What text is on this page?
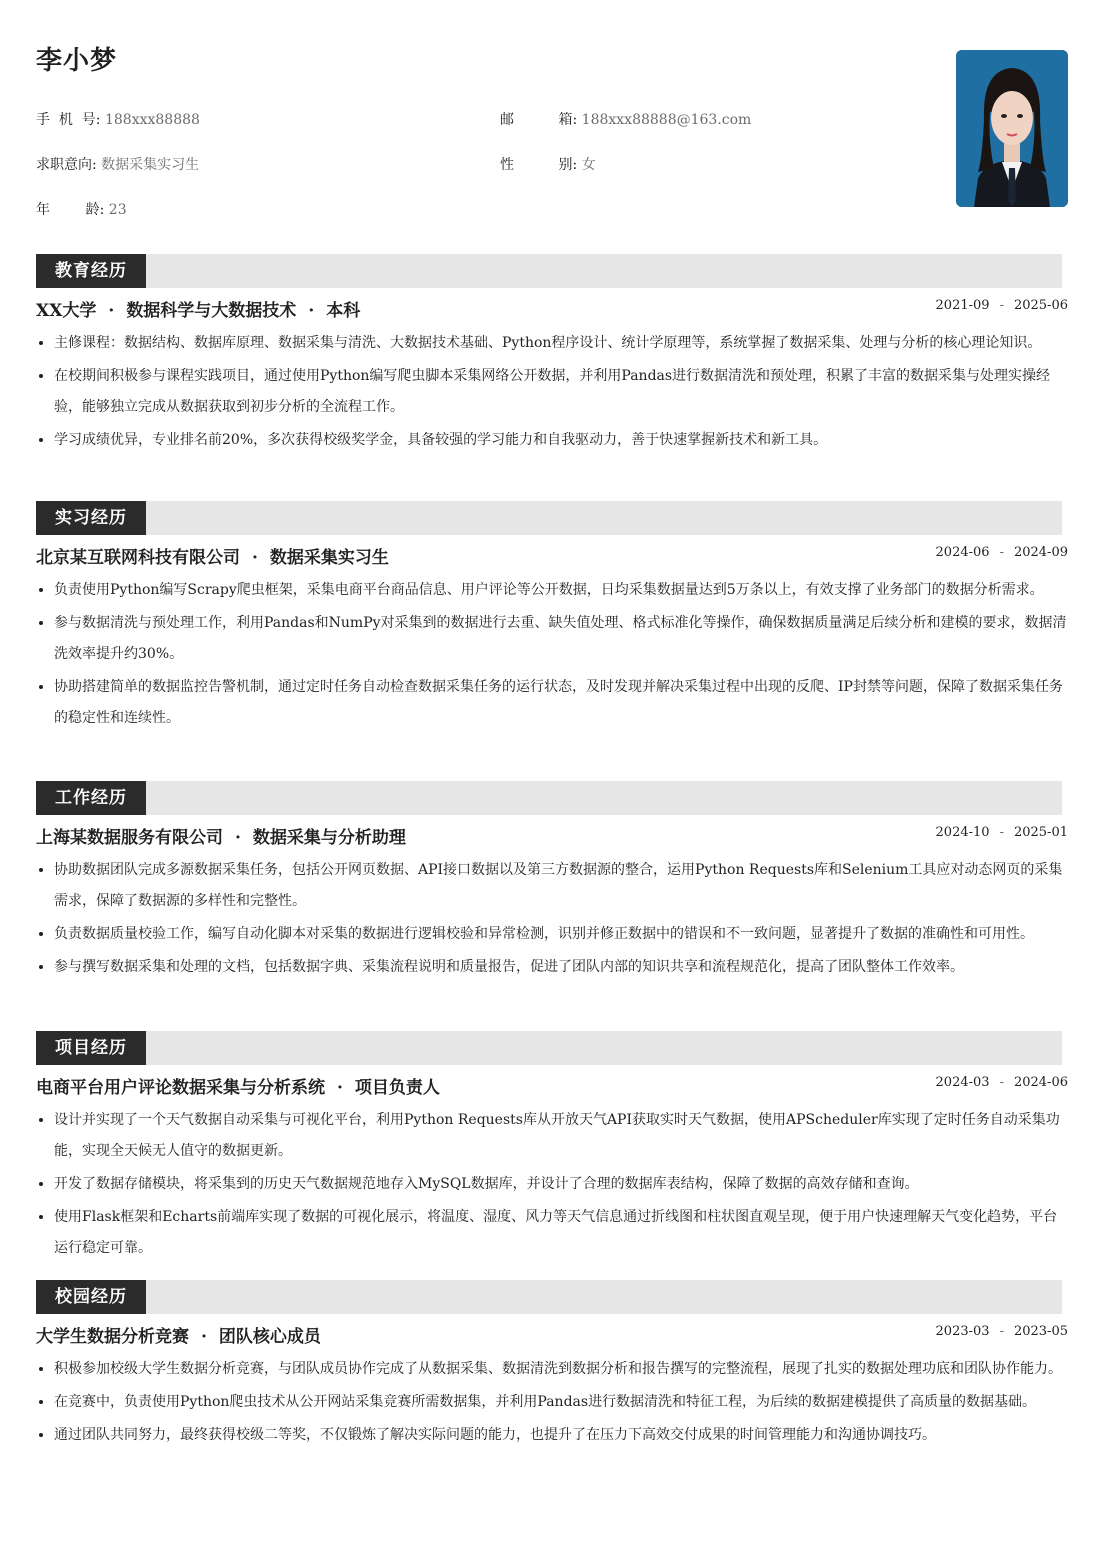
李小梦
手  机  号: 188xxx88888	邮          箱: 188xxx88888@163.com
求职意向: 数据采集实习生	性          别: 女
年        龄: 23
教育经历
XX大学 · 数据科学与大数据技术 · 本科	2021-09 - 2025-06
• 主修课程：数据结构、数据库原理、数据采集与清洗、大数据技术基础、Python程序设计、统计学原理等，系统掌握了数据采集、处理与分析的核心理论知识。
• 在校期间积极参与课程实践项目，通过使用Python编写爬虫脚本采集网络公开数据，并利用Pandas进行数据清洗和预处理，积累了丰富的数据采集与处理实操经验，能够独立完成从数据获取到初步分析的全流程工作。
• 学习成绩优异，专业排名前20%，多次获得校级奖学金，具备较强的学习能力和自我驱动力，善于快速掌握新技术和新工具。
实习经历
北京某互联网科技有限公司 · 数据采集实习生	2024-06 - 2024-09
• 负责使用Python编写Scrapy爬虫框架，采集电商平台商品信息、用户评论等公开数据，日均采集数据量达到5万条以上，有效支撑了业务部门的数据分析需求。
• 参与数据清洗与预处理工作，利用Pandas和NumPy对采集到的数据进行去重、缺失值处理、格式标准化等操作，确保数据质量满足后续分析和建模的要求，数据清洗效率提升约30%。
• 协助搭建简单的数据监控告警机制，通过定时任务自动检查数据采集任务的运行状态，及时发现并解决采集过程中出现的反爬、IP封禁等问题，保障了数据采集任务的稳定性和连续性。
工作经历
上海某数据服务有限公司 · 数据采集与分析助理	2024-10 - 2025-01
• 协助数据团队完成多源数据采集任务，包括公开网页数据、API接口数据以及第三方数据源的整合，运用Python Requests库和Selenium工具应对动态网页的采集需求，保障了数据源的多样性和完整性。
• 负责数据质量校验工作，编写自动化脚本对采集的数据进行逻辑校验和异常检测，识别并修正数据中的错误和不一致问题，显著提升了数据的准确性和可用性。
• 参与撰写数据采集和处理的文档，包括数据字典、采集流程说明和质量报告，促进了团队内部的知识共享和流程规范化，提高了团队整体工作效率。
项目经历
电商平台用户评论数据采集与分析系统 · 项目负责人	2024-03 - 2024-06
• 设计并实现了一个天气数据自动采集与可视化平台，利用Python Requests库从开放天气API获取实时天气数据，使用APScheduler库实现了定时任务自动采集功能，实现全天候无人值守的数据更新。
• 开发了数据存储模块，将采集到的历史天气数据规范地存入MySQL数据库，并设计了合理的数据库表结构，保障了数据的高效存储和查询。
• 使用Flask框架和Echarts前端库实现了数据的可视化展示，将温度、湿度、风力等天气信息通过折线图和柱状图直观呈现，便于用户快速理解天气变化趋势，平台运行稳定可靠。
校园经历
大学生数据分析竞赛 · 团队核心成员	2023-03 - 2023-05
• 积极参加校级大学生数据分析竞赛，与团队成员协作完成了从数据采集、数据清洗到数据分析和报告撰写的完整流程，展现了扎实的数据处理功底和团队协作能力。
• 在竞赛中，负责使用Python爬虫技术从公开网站采集竞赛所需数据集，并利用Pandas进行数据清洗和特征工程，为后续的数据建模提供了高质量的数据基础。
• 通过团队共同努力，最终获得校级二等奖，不仅锻炼了解决实际问题的能力，也提升了在压力下高效交付成果的时间管理能力和沟通协调技巧。
